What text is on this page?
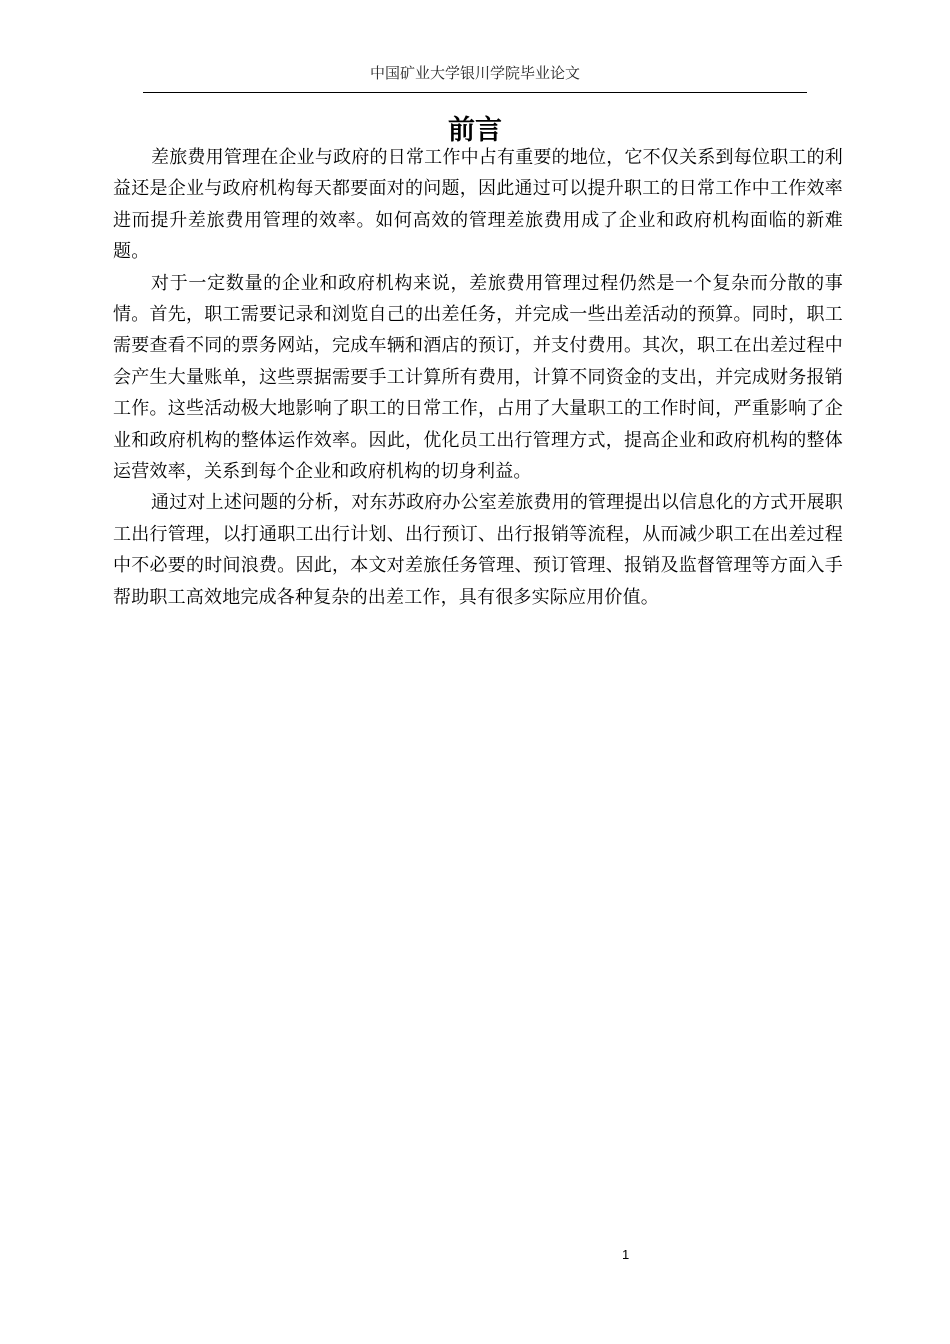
中国矿业大学银川学院毕业论文
前言

差旅费用管理在企业与政府的日常工作中占有重要的地位，它不仅关系到每位职工的利益还是企业与政府机构每天都要面对的问题，因此通过可以提升职工的日常工作中工作效率进而提升差旅费用管理的效率。如何高效的管理差旅费用成了企业和政府机构面临的新难题。

对于一定数量的企业和政府机构来说，差旅费用管理过程仍然是一个复杂而分散的事情。首先，职工需要记录和浏览自己的出差任务，并完成一些出差活动的预算。同时，职工需要查看不同的票务网站，完成车辆和酒店的预订，并支付费用。其次，职工在出差过程中会产生大量账单，这些票据需要手工计算所有费用，计算不同资金的支出，并完成财务报销工作。这些活动极大地影响了职工的日常工作，占用了大量职工的工作时间，严重影响了企业和政府机构的整体运作效率。因此，优化员工出行管理方式，提高企业和政府机构的整体运营效率，关系到每个企业和政府机构的切身利益。

通过对上述问题的分析，对东苏政府办公室差旅费用的管理提出以信息化的方式开展职工出行管理，以打通职工出行计划、出行预订、出行报销等流程，从而减少职工在出差过程中不必要的时间浪费。因此，本文对差旅任务管理、预订管理、报销及监督管理等方面入手帮助职工高效地完成各种复杂的出差工作，具有很多实际应用价值。

1
